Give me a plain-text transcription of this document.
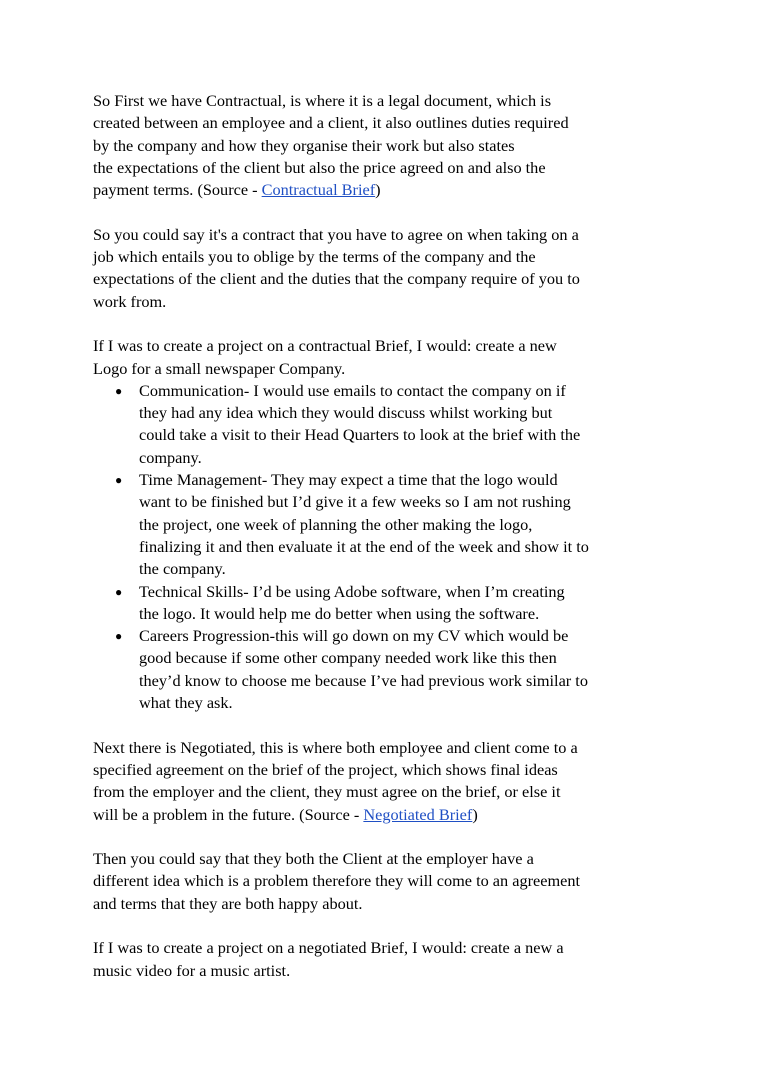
So First we have Contractual, is where it is a legal document, which is
created between an employee and a client, it also outlines duties required
by the company and how they organise their work but also states
the expectations of the client but also the price agreed on and also the
payment terms. (Source - Contractual Brief)

So you could say it's a contract that you have to agree on when taking on a
job which entails you to oblige by the terms of the company and the
expectations of the client and the duties that the company require of you to
work from.

If I was to create a project on a contractual Brief, I would: create a new
Logo for a small newspaper Company.

● Communication- I would use emails to contact the company on if
they had any idea which they would discuss whilst working but
could take a visit to their Head Quarters to look at the brief with the
company.
● Time Management- They may expect a time that the logo would
want to be finished but I’d give it a few weeks so I am not rushing
the project, one week of planning the other making the logo,
finalizing it and then evaluate it at the end of the week and show it to
the company.
● Technical Skills- I’d be using Adobe software, when I’m creating
the logo. It would help me do better when using the software.
● Careers Progression-this will go down on my CV which would be
good because if some other company needed work like this then
they’d know to choose me because I’ve had previous work similar to
what they ask.

Next there is Negotiated, this is where both employee and client come to a
specified agreement on the brief of the project, which shows final ideas
from the employer and the client, they must agree on the brief, or else it
will be a problem in the future. (Source - Negotiated Brief)

Then you could say that they both the Client at the employer have a
different idea which is a problem therefore they will come to an agreement
and terms that they are both happy about.

If I was to create a project on a negotiated Brief, I would: create a new a
music video for a music artist.
